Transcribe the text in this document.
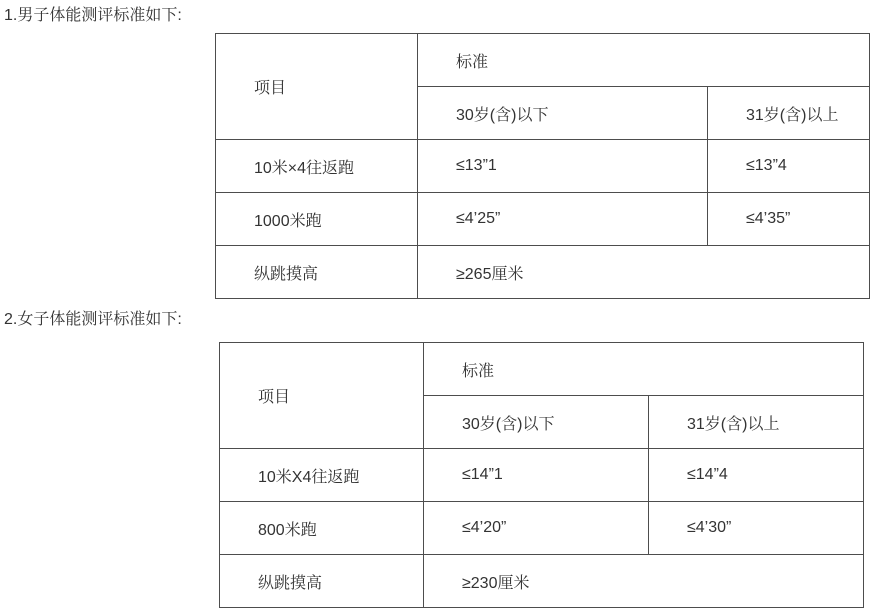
1.男子体能测评标准如下:
项目	标准	
	30岁(含)以下	31岁(含)以上
10米×4往返跑	≤13”1	≤13”4
1000米跑	≤4’25”	≤4’35”
纵跳摸高	≥265厘米	
2.女子体能测评标准如下:
项目	标准	
	30岁(含)以下	31岁(含)以上
10米X4往返跑	≤14”1	≤14”4
800米跑	≤4’20”	≤4’30”
纵跳摸高	≥230厘米	
